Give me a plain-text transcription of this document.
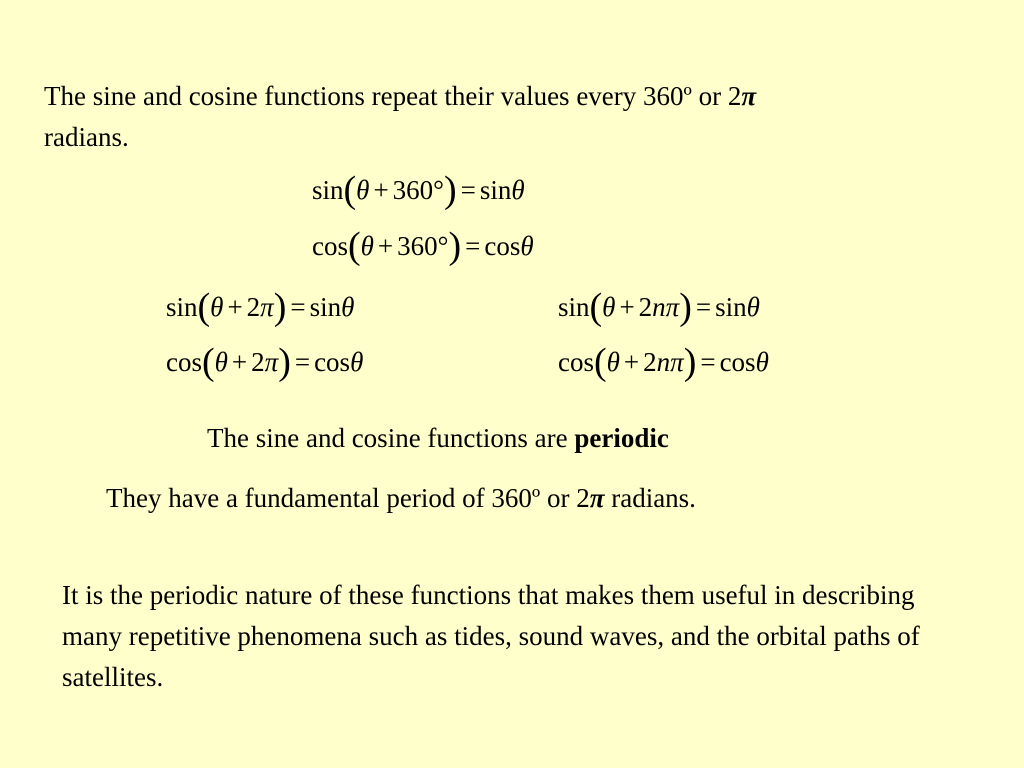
The sine and cosine functions repeat their values every 360º or 2π
radians.
sin(θ + 360°) = sinθ
cos(θ + 360°) = cosθ
sin(θ + 2π) = sinθ
cos(θ + 2π) = cosθ
sin(θ + 2nπ) = sinθ
cos(θ + 2nπ) = cosθ
The sine and cosine functions are periodic
They have a fundamental period of 360º or 2π radians.
It is the periodic nature of these functions that makes them useful in describing many repetitive phenomena such as tides, sound waves, and the orbital paths of satellites.
